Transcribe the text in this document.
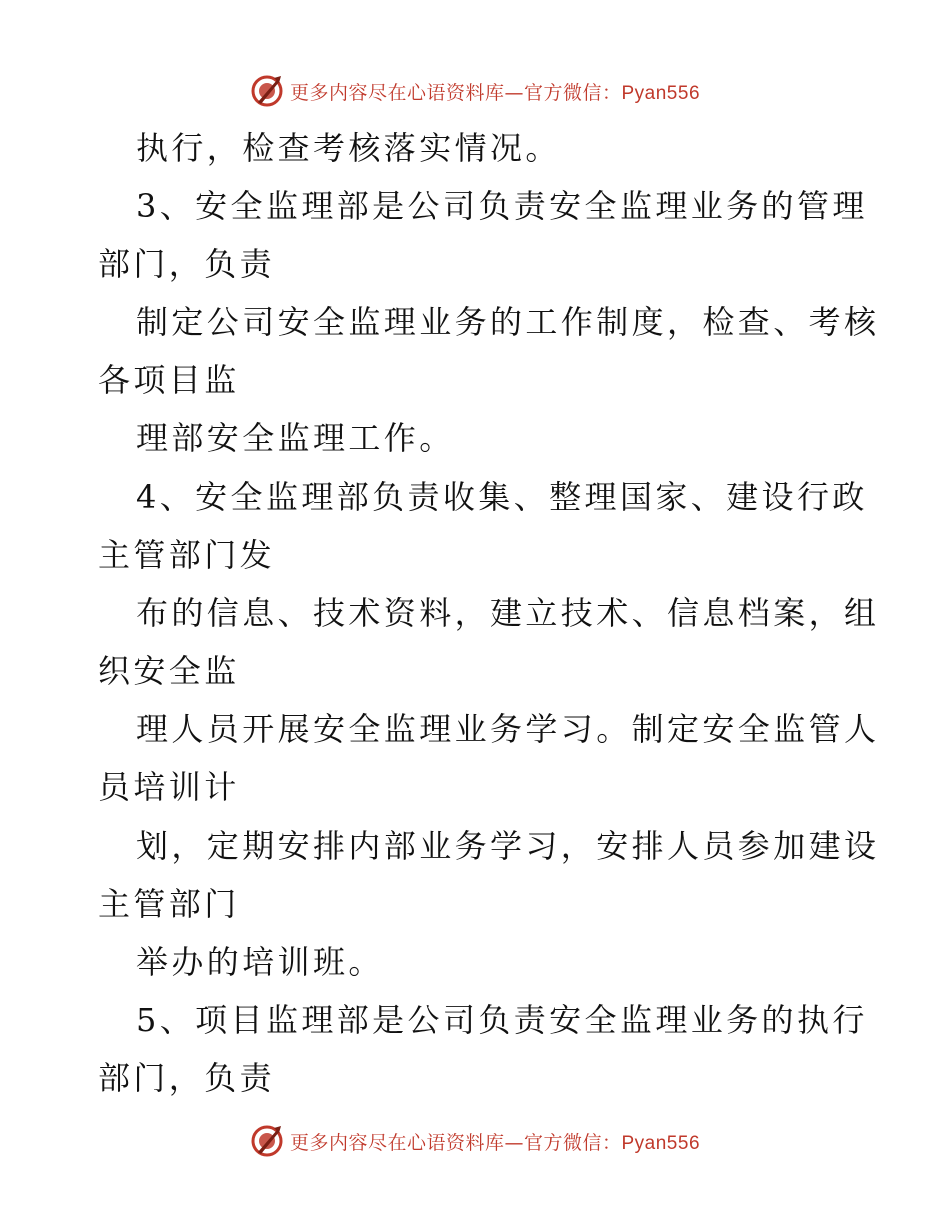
更多内容尽在心语资料库—官方微信：Pyan556
执行，检查考核落实情况。
3、安全监理部是公司负责安全监理业务的管理
部门，负责
制定公司安全监理业务的工作制度，检查、考核
各项目监
理部安全监理工作。
4、安全监理部负责收集、整理国家、建设行政
主管部门发
布的信息、技术资料，建立技术、信息档案，组
织安全监
理人员开展安全监理业务学习。制定安全监管人
员培训计
划，定期安排内部业务学习，安排人员参加建设
主管部门
举办的培训班。
5、项目监理部是公司负责安全监理业务的执行
部门，负责
更多内容尽在心语资料库—官方微信：Pyan556
